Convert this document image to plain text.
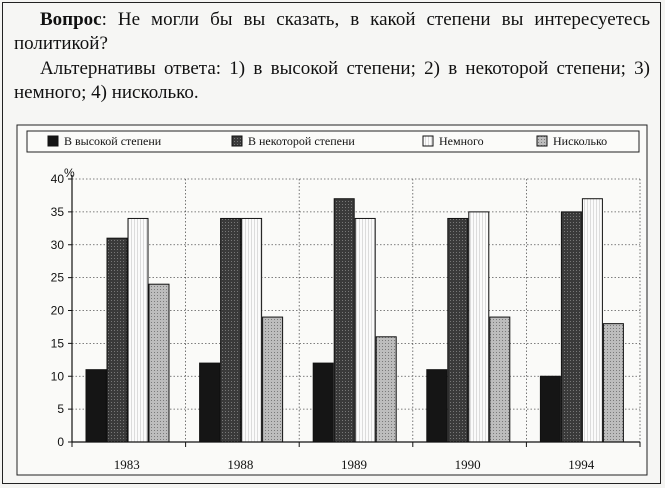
Вопрос: Не могли бы вы сказать, в какой степени вы интересуетесь политикой?
Альтернативы ответа: 1) в высокой степени; 2) в некоторой степени; 3) немного; 4) нисколько.
В высокой степени	В некоторой степени	Немного	Нисколько
%
0
5
10
15
20
25
30
35
40
1983	1988	1989	1990	1994
